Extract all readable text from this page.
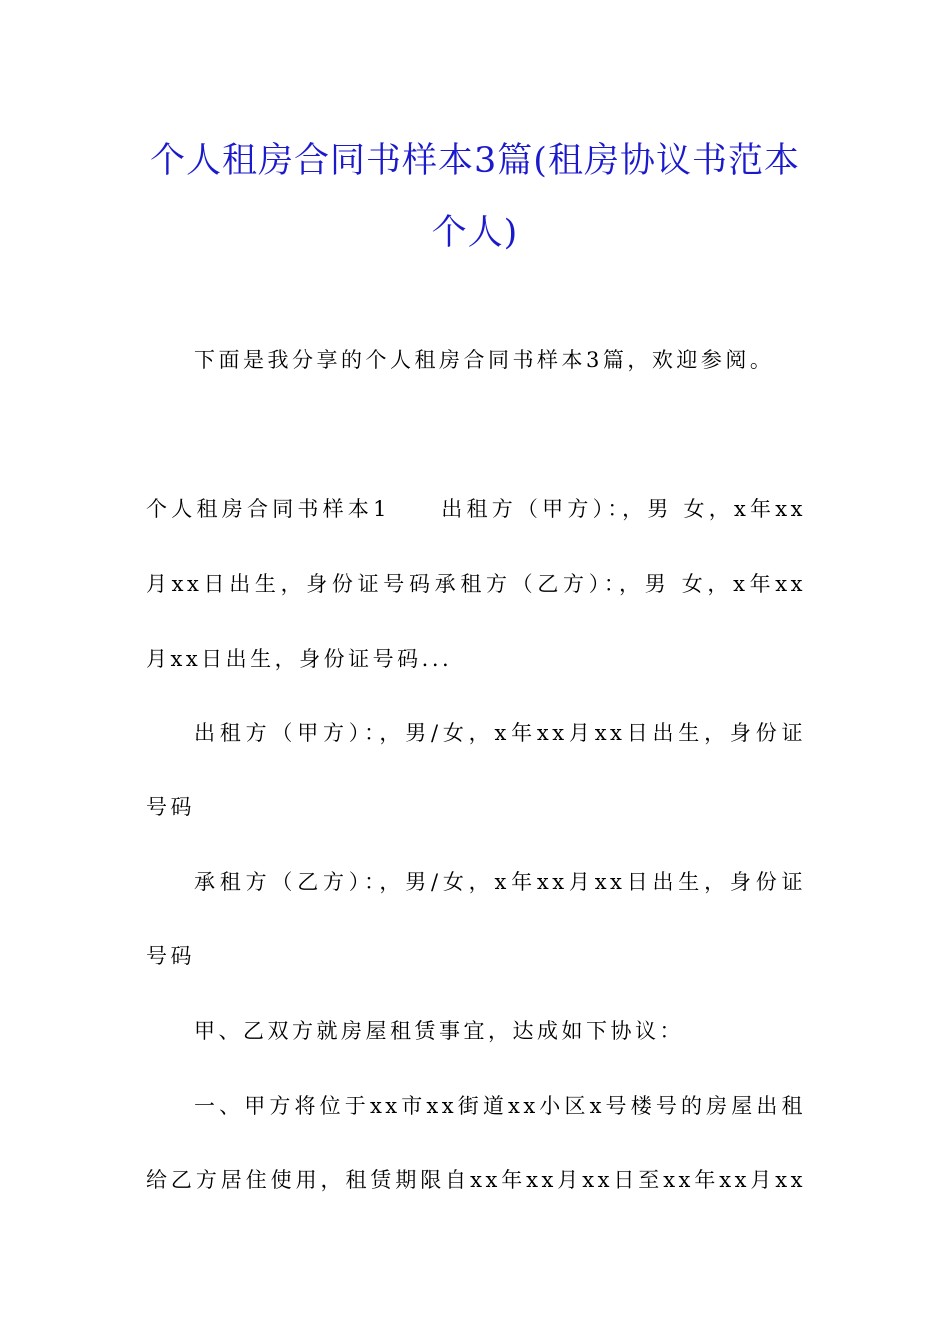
个人租房合同书样本3篇(租房协议书范本
个人)
下面是我分享的个人租房合同书样本3篇，欢迎参阅。
个人租房合同书样本1　　出租方（甲方）：，男 女，x年xx
月xx日出生，身份证号码承租方（乙方）：，男 女，x年xx
月xx日出生，身份证号码...
出租方（甲方）：，男/女，x年xx月xx日出生，身份证
号码
承租方（乙方）：，男/女，x年xx月xx日出生，身份证
号码
甲、乙双方就房屋租赁事宜，达成如下协议：
一、甲方将位于xx市xx街道xx小区x号楼号的房屋出租
给乙方居住使用，租赁期限自xx年xx月xx日至xx年xx月xx
